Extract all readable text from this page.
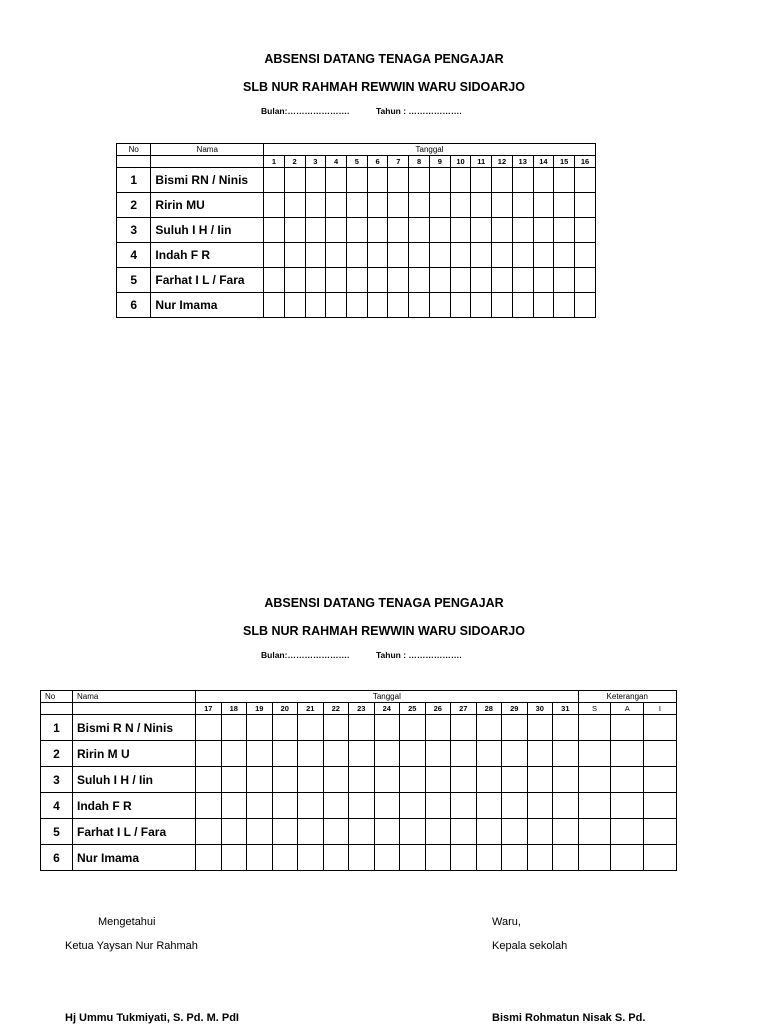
ABSENSI DATANG TENAGA PENGAJAR
SLB NUR RAHMAH REWWIN WARU SIDOARJO
Bulan:………………….	Tahun : ……………….
No	Nama	Tanggal															
		1	2	3	4	5	6	7	8	9	10	11	12	13	14	15	16
1	Bismi RN / Ninis																
2	Ririn MU																
3	Suluh I H / Iin																
4	Indah F R																
5	Farhat I L / Fara																
6	Nur Imama																
ABSENSI DATANG TENAGA PENGAJAR
SLB NUR RAHMAH REWWIN WARU SIDOARJO
Bulan:………………….	Tahun : ……………….
No	Nama	Tanggal															Keterangan		
		17	18	19	20	21	22	23	24	25	26	27	28	29	30	31	S	A	I
1	Bismi R N / Ninis																		
2	Ririn M U																		
3	Suluh I H / Iin																		
4	Indah F R																		
5	Farhat I L / Fara																		
6	Nur Imama																		
Mengetahui
Ketua Yaysan Nur Rahmah
Hj Ummu Tukmiyati, S. Pd. M. PdI
Waru,
Kepala sekolah
Bismi Rohmatun Nisak S. Pd.
